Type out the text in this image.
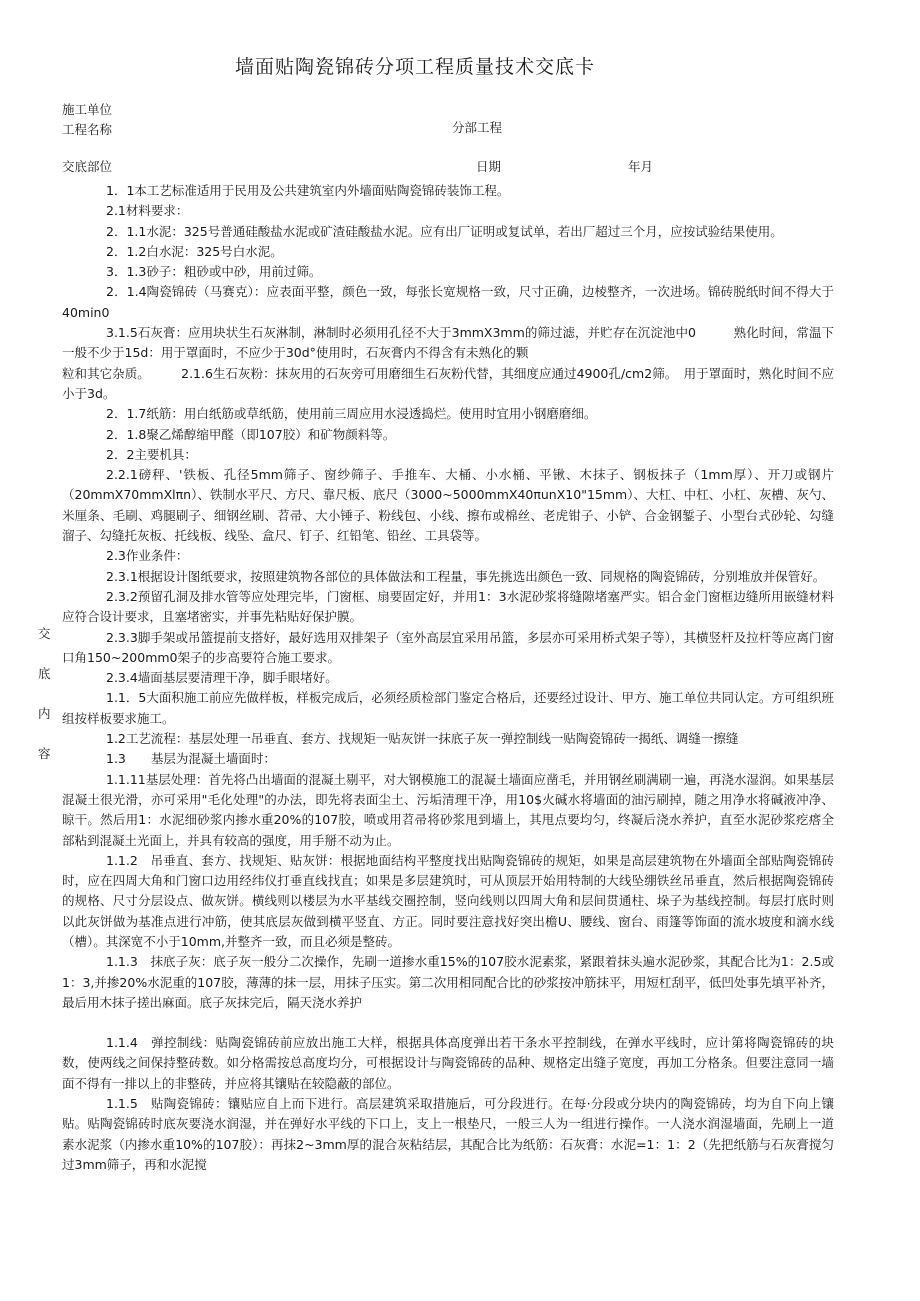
墙面贴陶瓷锦砖分项工程质量技术交底卡
施工单位
工程名称	分部工程
交底部位	日期	年月
交
底
内
容

1．1本工艺标准适用于民用及公共建筑室内外墙面贴陶瓷锦砖装饰工程。

2.1材料要求：

2．1.1水泥：325号普通硅酸盐水泥或矿渣硅酸盐水泥。应有出厂证明或复试单，若出厂超过三个月，应按试验结果使用。

2．1.2白水泥：325号白水泥。

3．1.3砂子：粗砂或中砂，用前过筛。

2．1.4陶瓷锦砖（马赛克）：应表面平整，颜色一致，每张长宽规格一致，尺寸正确，边棱整齐，一次进场。锦砖脱纸时间不得大于40min0

3.1.5石灰膏：应用块状生石灰淋制，淋制时必须用孔径不大于3mmX3mm的筛过滤，并贮存在沉淀池中0　　　熟化时间，常温下一般不少于15d：用于罩面时，不应少于30d°使用时，石灰膏内不得含有未熟化的颗

粒和其它杂质。　　　2.1.6生石灰粉：抹灰用的石灰旁可用磨细生石灰粉代替，其细度应通过4900孔/cm2筛。　用于罩面时，熟化时间不应小于3d。

2．1.7纸筋：用白纸筋或草纸筋，使用前三周应用水浸透捣烂。使用时宜用小钢磨磨细。

2．1.8聚乙烯醇缩甲醛（即107胶）和矿物颜料等。

2．2主要机具：

2.2.1磅秤、'铁板、孔径5mm筛子、窗纱筛子、手推车、大桶、小水桶、平锹、木抹子、钢板抹子（1mm厚）、开刀或钢片（20mmX70mmXlπn）、铁制水平尺、方尺、靠尺板、底尺（3000~5000mmX40πunX10"15mm）、大杠、中杠、小杠、灰槽、灰勺、米厘条、毛刷、鸡腿刷子、细钢丝刷、苕帚、大小锤子、粉线包、小线、擦布或棉丝、老虎钳子、小铲、合金钢錾子、小型台式砂轮、勾缝溜子、勾缝托灰板、托线板、线坠、盒尺、钉子、红铅笔、铅丝、工具袋等。

2.3作业条件：

2.3.1根据设计图纸要求，按照建筑物各部位的具体做法和工程量，事先挑选出颜色一致、同规格的陶瓷锦砖，分别堆放并保管好。

2.3.2预留孔洞及排水管等应处理完毕，门窗框、扇要固定好，并用1：3水泥砂浆将缝隙堵塞严实。铝合金门窗框边缝所用嵌缝材料应符合设计要求，且塞堵密实，并事先粘贴好保护膜。

2.3.3脚手架或吊篮提前支搭好，最好选用双排架子（室外高层宜采用吊篮，多层亦可采用桥式架子等），其横竖杆及拉杆等应离门窗口角150~200mm0架子的步高要符合施工要求。

2.3.4墙面基层要清理干净，脚手眼堵好。

1.1．5大面积施工前应先做样板，样板完成后，必须经质检部门鉴定合格后，还要经过设计、甲方、施工单位共同认定。方可组织班组按样板要求施工。

1.2工艺流程：基层处理一吊垂直、套方、找规矩一贴灰饼一抹底子灰一弹控制线一贴陶瓷锦砖一揭纸、调缝一擦缝

1.3　　基层为混凝土墙面时：

1.1.11基层处理：首先将凸出墙面的混凝土剔平，对大钢模施工的混凝土墙面应凿毛，并用钢丝刷满刷一遍，再浇水湿润。如果基层混凝土很光滑，亦可采用"毛化处理"的办法，即先将表面尘土、污垢清理干净，用10$火碱水将墙面的油污刷掉，随之用净水将碱液冲净、晾干。然后用1：水泥细砂浆内掺水重20%的107胶，喷或用苕帚将砂浆甩到墙上，其甩点要均匀，终凝后浇水养护，直至水泥砂浆疙瘩全部粘到混凝土光面上，并具有较高的强度，用手掰不动为止。

1.1.2　吊垂直、套方、找规矩、贴灰饼：根据地面结构平整度找出贴陶瓷锦砖的规矩，如果是高层建筑物在外墙面全部贴陶瓷锦砖时，应在四周大角和门窗口边用经纬仪打垂直线找直；如果是多层建筑时，可从顶层开始用特制的大线坠绷铁丝吊垂直，然后根据陶瓷锦砖的规格、尺寸分层设点、做灰饼。横线则以楼层为水平基线交圈控制，竖向线则以四周大角和层间贯通柱、垛子为基线控制。每层打底时则以此灰饼做为基准点进行冲筋，使其底层灰做到横平竖直、方正。同时要注意找好突出檐U、腰线、窗台、雨篷等饰面的流水坡度和滴水线（槽）。其深宽不小于10mm,并整齐一致，而且必须是整砖。

1.1.3　抹底子灰：底子灰一般分二次操作，先刷一道掺水重15%的107胶水泥素浆，紧跟着抹头遍水泥砂浆，其配合比为1：2.5或1：3,并掺20%水泥重的107胶，薄薄的抹一层，用抹子压实。第二次用相同配合比的砂浆按冲筋抹平，用短杠刮平，低凹处事先填平补齐，最后用木抹子搓出麻面。底子灰抹完后，隔天浇水养护

1.1.4　弹控制线：贴陶瓷锦砖前应放出施工大样，根据具体高度弹出若干条水平控制线，在弹水平线时，应计第将陶瓷锦砖的块数，使两线之间保持整砖数。如分格需按总高度均分，可根据设计与陶瓷锦砖的品种、规格定出缝子宽度，再加工分格条。但要注意同一墙面不得有一排以上的非整砖，并应将其镶贴在较隐蔽的部位。

1.1.5　贴陶瓷锦砖：镶贴应自上而下进行。高层建筑采取措施后，可分段进行。在每·分段或分块内的陶瓷锦砖，均为自下向上镶贴。贴陶瓷锦砖时底灰要浇水润湿，并在弹好水平线的下口上，支上一根垫尺，一般三人为一组进行操作。一人浇水润湿墙面，先刷上一道素水泥浆（内掺水重10%的107胶）：再抹2~3mm厚的混合灰粘结层，其配合比为纸筋：石灰膏：水泥=1：1：2（先把纸筋与石灰膏搅匀过3mm筛子，再和水泥搅
